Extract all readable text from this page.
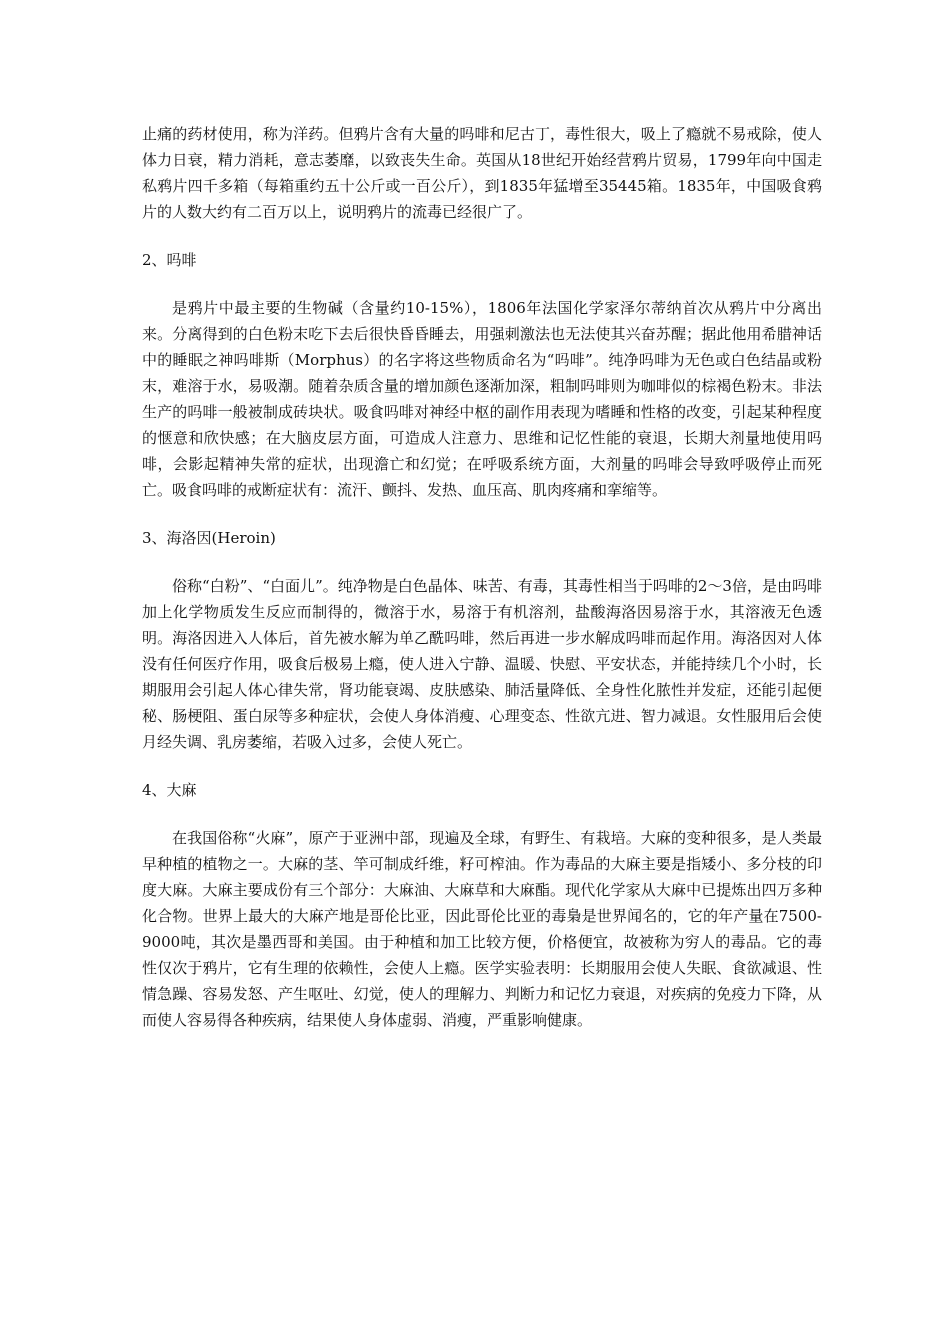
止痛的药材使用，称为洋药。但鸦片含有大量的吗啡和尼古丁，毒性很大，吸上了瘾就不易戒除，使人体力日衰，精力消耗，意志萎靡，以致丧失生命。英国从18世纪开始经营鸦片贸易，1799年向中国走私鸦片四千多箱（每箱重约五十公斤或一百公斤），到1835年猛增至35445箱。1835年，中国吸食鸦片的人数大约有二百万以上，说明鸦片的流毒已经很广了。

2、吗啡

是鸦片中最主要的生物碱（含量约10-15%），1806年法国化学家泽尔蒂纳首次从鸦片中分离出来。分离得到的白色粉末吃下去后很快昏昏睡去，用强刺激法也无法使其兴奋苏醒；据此他用希腊神话中的睡眠之神吗啡斯（Morphus）的名字将这些物质命名为“吗啡”。纯净吗啡为无色或白色结晶或粉末，难溶于水，易吸潮。随着杂质含量的增加颜色逐渐加深，粗制吗啡则为咖啡似的棕褐色粉末。非法生产的吗啡一般被制成砖块状。吸食吗啡对神经中枢的副作用表现为嗜睡和性格的改变，引起某种程度的惬意和欣快感；在大脑皮层方面，可造成人注意力、思维和记忆性能的衰退，长期大剂量地使用吗啡，会影起精神失常的症状，出现澹亡和幻觉；在呼吸系统方面，大剂量的吗啡会导致呼吸停止而死亡。吸食吗啡的戒断症状有：流汗、颤抖、发热、血压高、肌肉疼痛和挛缩等。

3、海洛因(Heroin)

俗称“白粉”、“白面儿”。纯净物是白色晶体、味苦、有毒，其毒性相当于吗啡的2～3倍，是由吗啡加上化学物质发生反应而制得的，微溶于水，易溶于有机溶剂，盐酸海洛因易溶于水，其溶液无色透明。海洛因进入人体后，首先被水解为单乙酰吗啡，然后再进一步水解成吗啡而起作用。海洛因对人体没有任何医疗作用，吸食后极易上瘾，使人进入宁静、温暖、快慰、平安状态，并能持续几个小时，长期服用会引起人体心律失常，肾功能衰竭、皮肤感染、肺活量降低、全身性化脓性并发症，还能引起便秘、肠梗阻、蛋白尿等多种症状，会使人身体消瘦、心理变态、性欲亢进、智力减退。女性服用后会使月经失调、乳房萎缩，若吸入过多，会使人死亡。

4、大麻

在我国俗称“火麻”，原产于亚洲中部，现遍及全球，有野生、有栽培。大麻的变种很多，是人类最早种植的植物之一。大麻的茎、竿可制成纤维，籽可榨油。作为毒品的大麻主要是指矮小、多分枝的印度大麻。大麻主要成份有三个部分：大麻油、大麻草和大麻酯。现代化学家从大麻中已提炼出四万多种化合物。世界上最大的大麻产地是哥伦比亚，因此哥伦比亚的毒梟是世界闻名的，它的年产量在7500-9000吨，其次是墨西哥和美国。由于种植和加工比较方便，价格便宜，故被称为穷人的毒品。它的毒性仅次于鸦片，它有生理的依赖性，会使人上瘾。医学实验表明：长期服用会使人失眠、食欲减退、性情急躁、容易发怒、产生呕吐、幻觉，使人的理解力、判断力和记忆力衰退，对疾病的免疫力下降，从而使人容易得各种疾病，结果使人身体虚弱、消瘦，严重影响健康。
